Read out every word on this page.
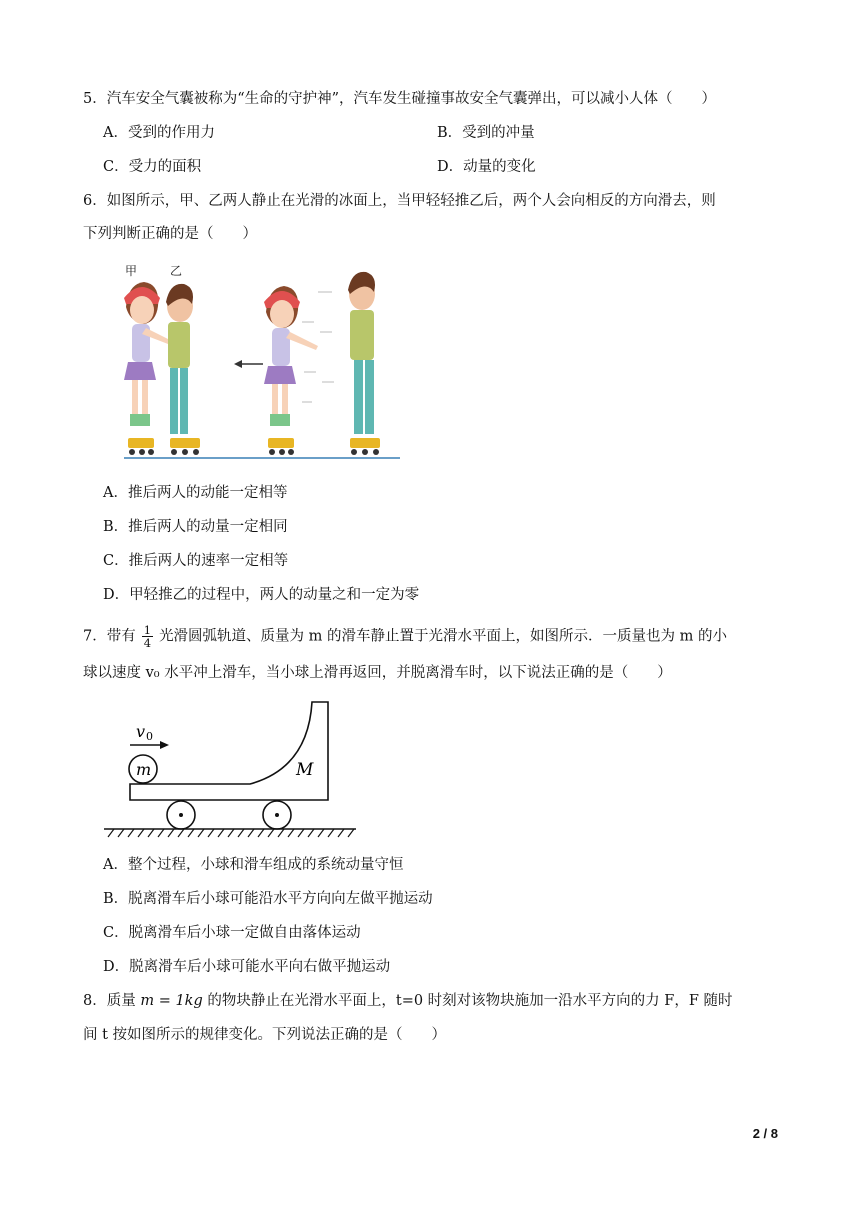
5．汽车安全气囊被称为“生命的守护神”，汽车发生碰撞事故安全气囊弹出，可以减小人体（　　）
A．受到的作用力	B．受到的冲量
C．受力的面积	D．动量的变化
6．如图所示，甲、乙两人静止在光滑的冰面上，当甲轻轻推乙后，两个人会向相反的方向滑去，则
下列判断正确的是（　　）
甲	乙
A．推后两人的动能一定相等
B．推后两人的动量一定相同
C．推后两人的速率一定相等
D．甲轻推乙的过程中，两人的动量之和一定为零
7．带有 $\frac{1}{4}$ 光滑圆弧轨道、质量为 m 的滑车静止置于光滑水平面上，如图所示．一质量也为 m 的小
球以速度 v₀ 水平冲上滑车，当小球上滑再返回，并脱离滑车时，以下说法正确的是（　　）
m
v 0
M
A．整个过程，小球和滑车组成的系统动量守恒
B．脱离滑车后小球可能沿水平方向向左做平抛运动
C．脱离滑车后小球一定做自由落体运动
D．脱离滑车后小球可能水平向右做平抛运动
8．质量 m = 1kg 的物块静止在光滑水平面上，t=0 时刻对该物块施加一沿水平方向的力 F，F 随时
间 t 按如图所示的规律变化。下列说法正确的是（　　）
2 / 8
